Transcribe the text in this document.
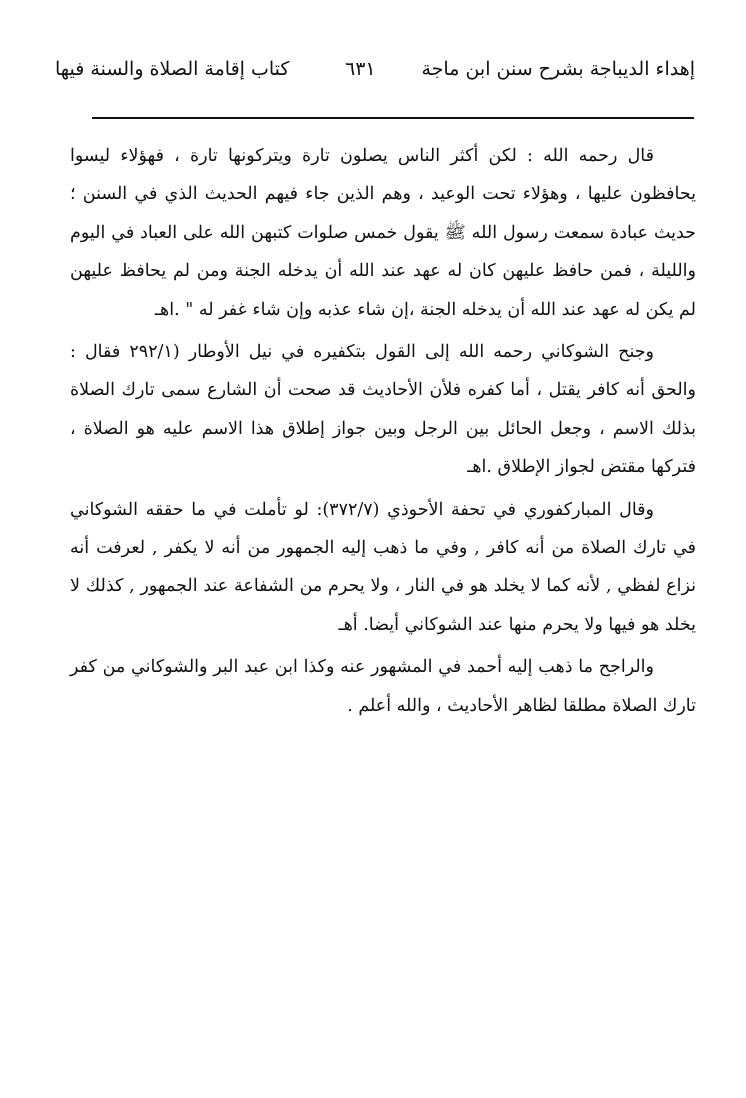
إهداء الديباجة بشرح سنن ابن ماجة
٦٣١
كتاب إقامة الصلاة والسنة فيها

قال رحمه الله : لكن أكثر الناس يصلون تارة ويتركونها تارة ، فهؤلاء ليسوا يحافظون عليها ، وهؤلاء تحت الوعيد ، وهم الذين جاء فيهم الحديث الذي في السنن ؛ حديث عبادة سمعت رسول الله ﷺ يقول خمس صلوات كتبهن الله على العباد في اليوم والليلة ، فمن حافظ عليهن كان له عهد عند الله أن يدخله الجنة ومن لم يحافظ عليهن لم يكن له عهد عند الله أن يدخله الجنة ،إن شاء عذبه وإن شاء غفر له " .اهـ

وجنح الشوكاني رحمه الله إلى القول بتكفيره في نيل الأوطار (٢٩٢/١ فقال : والحق أنه كافر يقتل ، أما كفره فلأن الأحاديث قد صحت أن الشارع سمى تارك الصلاة بذلك الاسم ، وجعل الحائل بين الرجل وبين جواز إطلاق هذا الاسم عليه هو الصلاة ، فتركها مقتض لجواز الإطلاق .اهـ

وقال المباركفوري في تحفة الأحوذي (٣٧٢/٧): لو تأملت في ما حققه الشوكاني في تارك الصلاة من أنه كافر , وفي ما ذهب إليه الجمهور من أنه لا يكفر , لعرفت أنه نزاع لفظي , لأنه كما لا يخلد هو في النار ، ولا يحرم من الشفاعة عند الجمهور , كذلك لا يخلد هو فيها ولا يحرم منها عند الشوكاني أيضا. أهـ

والراجح ما ذهب إليه أحمد في المشهور عنه وكذا ابن عبد البر والشوكاني من كفر تارك الصلاة مطلقا لظاهر الأحاديث ، والله أعلم .
